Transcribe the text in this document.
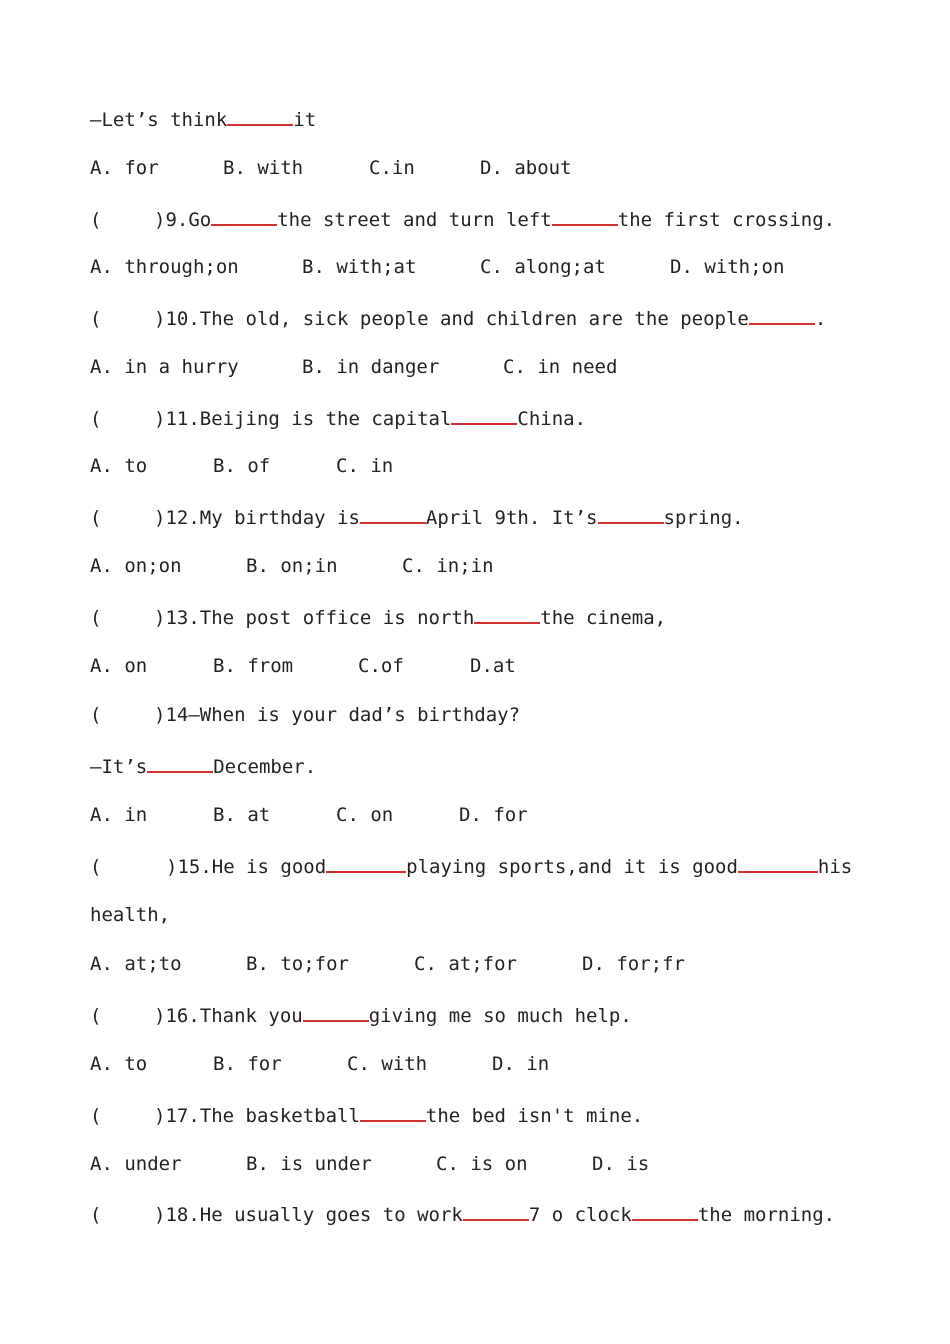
—Let’s think	it
A. for	B. with	C.in	D. about
(	)9.Go	the street and turn left	the first crossing.
A. through;on	B. with;at	C. along;at	D. with;on
(	)10.The old, sick people and children are the people	.
A. in a hurry	B. in danger	C. in need
(	)11.Beijing is the capital	China.
A. to	B. of	C. in
(	)12.My birthday is	April 9th. It’s	spring.
A. on;on	B. on;in	C. in;in
(	)13.The post office is north	the cinema,
A. on	B. from	C.of	D.at
(	)14—When is your dad’s birthday?
—It’s	December.
A. in	B. at	C. on	D. for
(	)15.He is good	playing sports,and it is good	his
health,
A. at;to	B. to;for	C. at;for	D. for;fr
(	)16.Thank you	giving me so much help.
A. to	B. for	C. with	D. in
(	)17.The basketball	the bed isn't mine.
A. under	B. is under	C. is on	D. is
(	)18.He usually goes to work	7 o clock	the morning.
